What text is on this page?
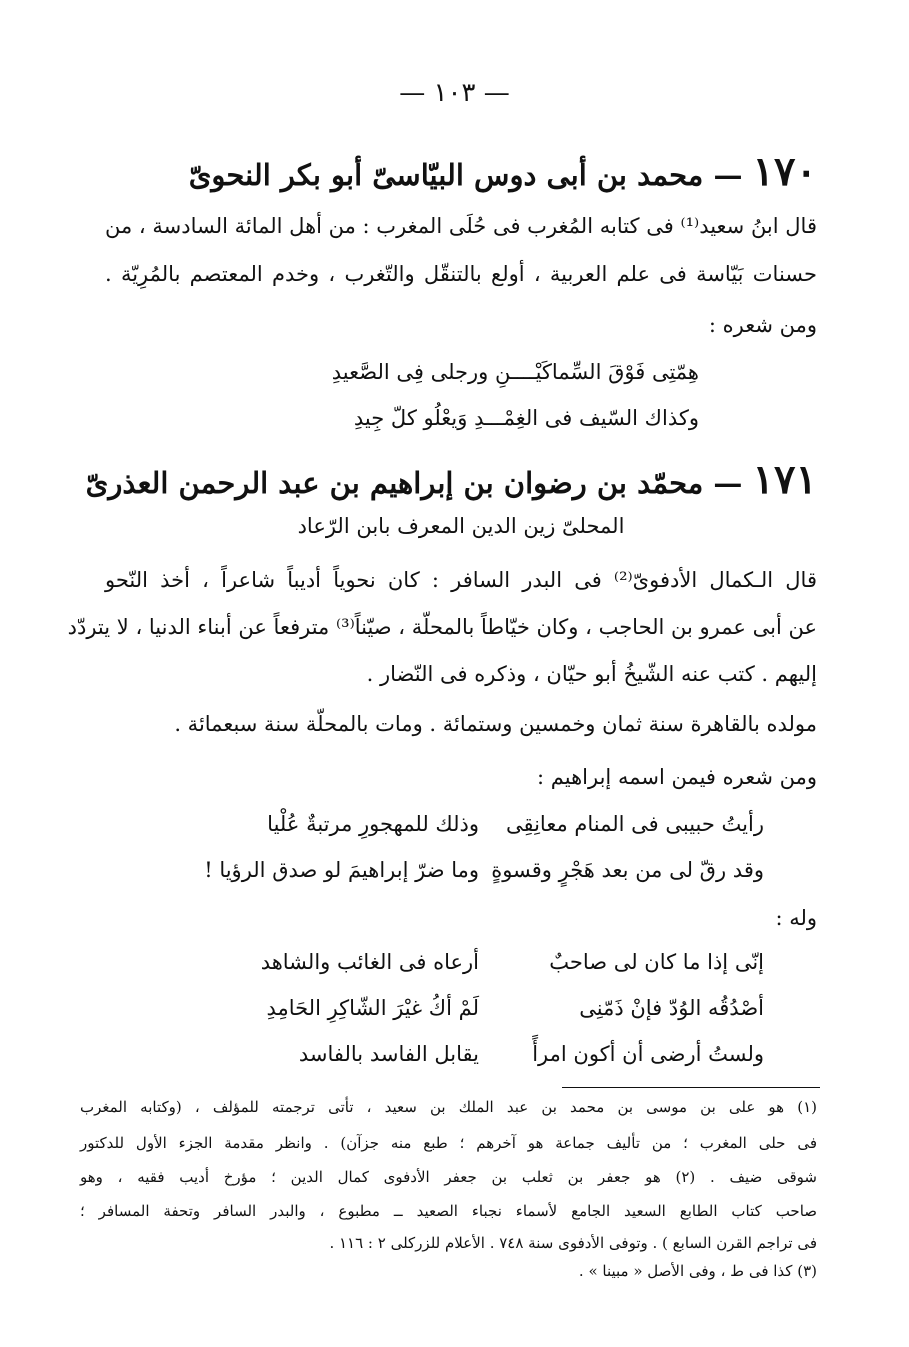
— ١٠٣ —
١٧٠ — محمد بن أبى دوس البيّاسىّ أبو بكر النحوىّ
قال ابنُ سعيد⁽¹⁾ فى كتابه المُغرب فى حُلَى المغرب : من أهل المائة السادسة ، من
حسنات بَيّاسة فى علم العربية ، أولع بالتنقّل والتّغرب ، وخدم المعتصم بالمُرِيّة .
ومن شعره :
هِمّتِى فَوْقَ السِّماكَيْــــنِ ورجلى فِى الصَّعيدِ
وكذاك السّيف فى الغِمْـــدِ وَيعْلُو كلّ جِيدِ
١٧١ — محمّد بن رضوان بن إبراهيم بن عبد الرحمن العذرىّ
المحلىّ زين الدين المعرف بابن الرّعاد
قال الـكمال الأدفوىّ⁽²⁾ فى البدر السافر : كان نحوياً أديباً شاعراً ، أخذ النّحو
عن أبى عمرو بن الحاجب ، وكان خيّاطاً بالمحلّة ، صيّناً⁽³⁾ مترفعاً عن أبناء الدنيا ، لا يتردّد
إليهم . كتب عنه الشّيخُ أبو حيّان ، وذكره فى النّضار .
مولده بالقاهرة سنة ثمان وخمسين وستمائة . ومات بالمحلّة سنة سبعمائة .
ومن شعره فيمن اسمه إبراهيم :
رأيتُ حبيبى فى المنام معانِقِى
وذلك للمهجورِ مرتبةٌ عُلْيا
وقد رقّ لى من بعد هَجْرٍ وقسوةٍ
وما ضرّ إبراهيمَ لو صدق الرؤيا !
وله :
إنّى إذا ما كان لى صاحبٌ
أرعاه فى الغائب والشاهد
أصْدُقُه الوُدّ فإنْ ذَمّنِى
لَمْ أكُ غيْرَ الشّاكِرِ الحَامِدِ
ولستُ أرضى أن أكون امرأً
يقابل الفاسد بالفاسد
(١) هو على بن موسى بن محمد بن عبد الملك بن سعيد ، تأتى ترجمته للمؤلف ، (وكتابه المغرب
فى حلى المغرب ؛ من تأليف جماعة هو آخرهم ؛ طبع منه جزآن) . وانظر مقدمة الجزء الأول للدكتور
شوقى ضيف . (٢) هو جعفر بن ثعلب بن جعفر الأدفوى كمال الدين ؛ مؤرخ أديب فقيه ، وهو
صاحب كتاب الطابع السعيد الجامع لأسماء نجباء الصعيد ــ مطبوع ، والبدر السافر وتحفة المسافر ؛
فى تراجم القرن السابع ) . وتوفى الأدفوى سنة ٧٤٨ . الأعلام للزركلى ٢ : ١١٦ .
(٣) كذا فى ط ، وفى الأصل « مبينا » .
